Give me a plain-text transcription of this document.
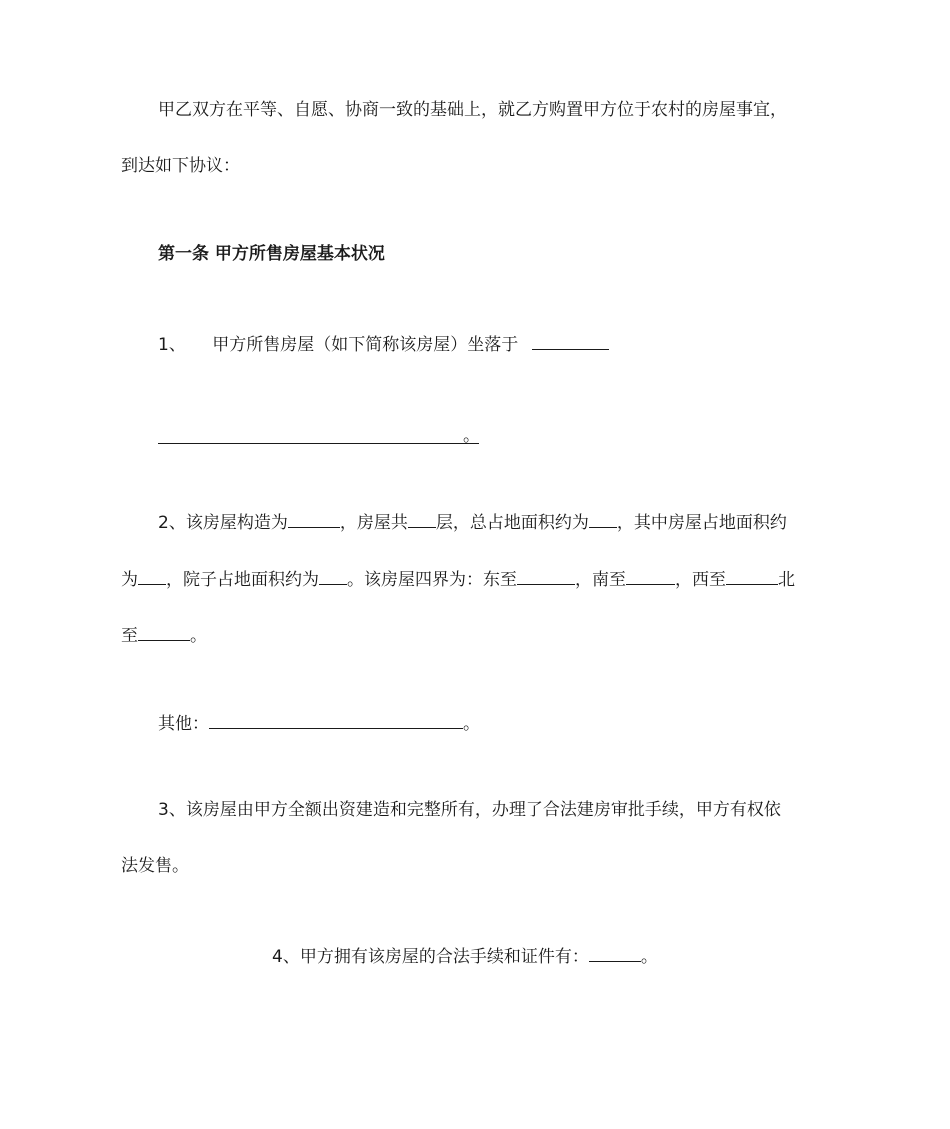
甲乙双方在平等、自愿、协商一致的基础上，就乙方购置甲方位于农村的房屋事宜，
到达如下协议：
第一条 甲方所售房屋基本状况
1、 甲方所售房屋（如下简称该房屋）坐落于
。
2、该房屋构造为	，房屋共 层，总占地面积约为 ，其中房屋占地面积约
为 ，院子占地面积约为 。该房屋四界为：东至	，南至	，西至	北
至	。
其他：	。
3、该房屋由甲方全额出资建造和完整所有，办理了合法建房审批手续，甲方有权依
法发售。
4、甲方拥有该房屋的合法手续和证件有：	。
